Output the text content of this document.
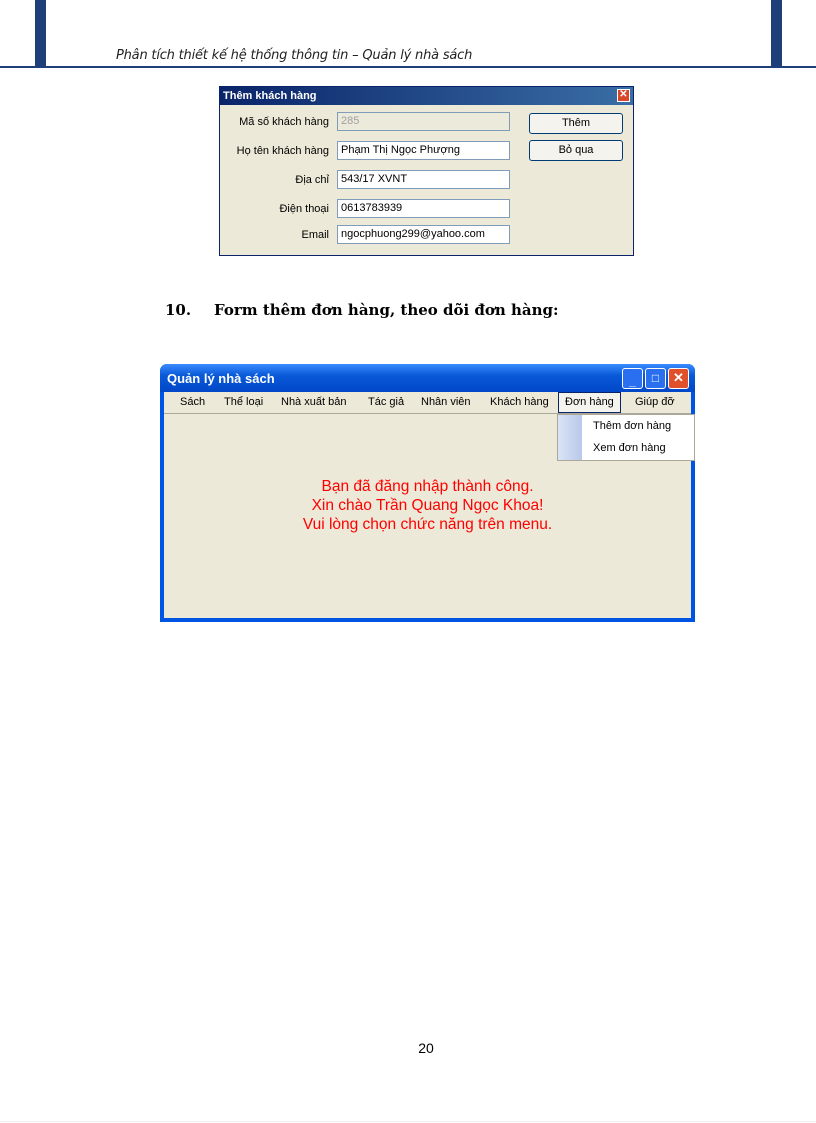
Phân tích thiết kế hệ thống thông tin – Quản lý nhà sách
Thêm khách hàng	✕
Mã số khách hàng	285
Họ tên khách hàng	Phạm Thị Ngọc Phượng
Địa chỉ	543/17 XVNT
Điện thoại	0613783939
Email	ngocphuong299@yahoo.com
Thêm
Bỏ qua
10. Form thêm đơn hàng, theo dõi đơn hàng:
Quản lý nhà sách	_	□	✕
Sách	Thể loại	Nhà xuất bản	Tác giả	Nhân viên	Khách hàng	Đơn hàng	Giúp đỡ
Bạn đã đăng nhập thành công.
Xin chào Trần Quang Ngọc Khoa!
Vui lòng chọn chức năng trên menu.
Thêm đơn hàng
Xem đơn hàng
20
